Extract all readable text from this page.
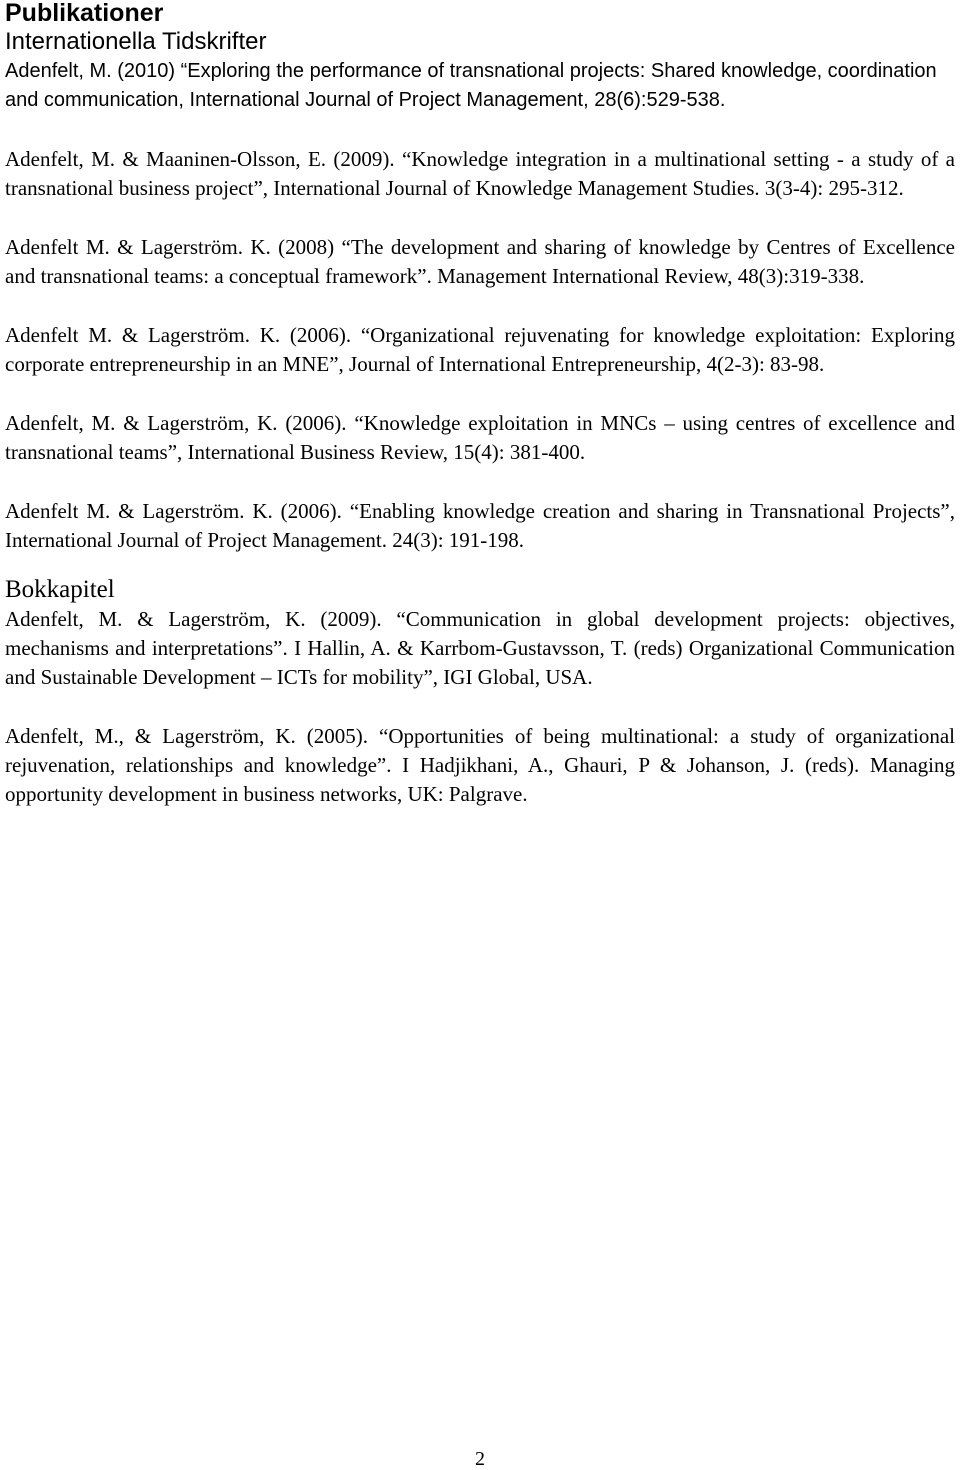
Publikationer
Internationella Tidskrifter

Adenfelt, M. (2010) “Exploring the performance of transnational projects: Shared knowledge, coordination and communication, International Journal of Project Management, 28(6):529-538.

Adenfelt, M. & Maaninen-Olsson, E. (2009). “Knowledge integration in a multinational setting - a study of a transnational business project”, International Journal of Knowledge Management Studies. 3(3-4): 295-312.

Adenfelt M. & Lagerström. K. (2008) “The development and sharing of knowledge by Centres of Excellence and transnational teams: a conceptual framework”. Management International Review, 48(3):319-338.

Adenfelt M. & Lagerström. K. (2006). “Organizational rejuvenating for knowledge exploitation: Exploring corporate entrepreneurship in an MNE”, Journal of International Entrepreneurship, 4(2-3): 83-98.

Adenfelt, M. & Lagerström, K. (2006). “Knowledge exploitation in MNCs – using centres of excellence and transnational teams”, International Business Review, 15(4): 381-400.

Adenfelt M. & Lagerström. K. (2006). “Enabling knowledge creation and sharing in Transnational Projects”, International Journal of Project Management. 24(3): 191-198.

Bokkapitel

Adenfelt, M. & Lagerström, K. (2009). “Communication in global development projects: objectives, mechanisms and interpretations”. I Hallin, A. & Karrbom-Gustavsson, T. (reds) Organizational Communication and Sustainable Development – ICTs for mobility”, IGI Global, USA.

Adenfelt, M., & Lagerström, K. (2005). “Opportunities of being multinational: a study of organizational rejuvenation, relationships and knowledge”. I Hadjikhani, A., Ghauri, P & Johanson, J. (reds). Managing opportunity development in business networks, UK: Palgrave.

2
